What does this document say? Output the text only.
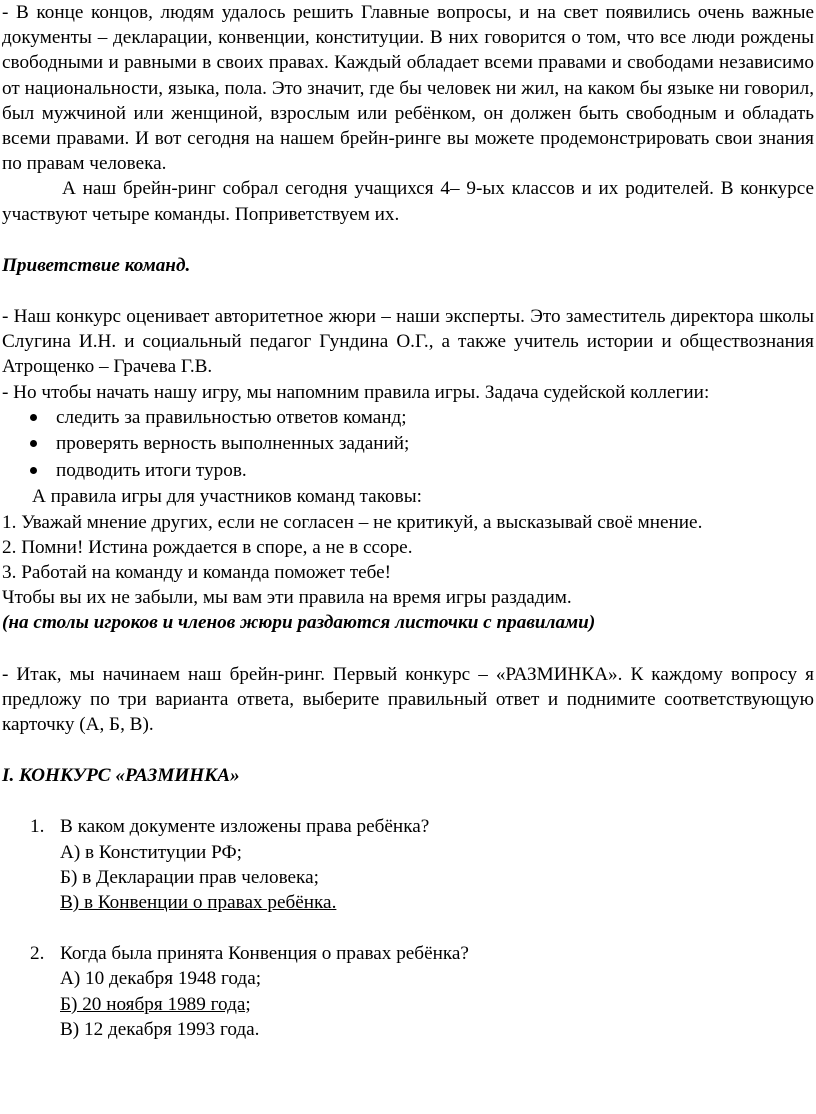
- В конце концов, людям удалось решить Главные вопросы, и на свет появились очень важные документы – декларации, конвенции, конституции. В них говорится о том, что все люди рождены свободными и равными в своих правах. Каждый обладает всеми правами и свободами независимо от национальности, языка, пола. Это значит, где бы человек ни жил, на каком бы языке ни говорил, был мужчиной или женщиной, взрослым или ребёнком, он должен быть свободным и обладать всеми правами. И вот сегодня на нашем брейн-ринге вы можете продемонстрировать свои знания по правам человека.

А наш брейн-ринг собрал сегодня учащихся 4– 9-ых классов и их родителей. В конкурсе участвуют четыре команды. Поприветствуем их.

Приветствие команд.

- Наш конкурс оценивает авторитетное жюри – наши эксперты. Это заместитель директора школы Слугина И.Н. и социальный педагог Гундина О.Г., а также учитель истории и обществознания Атрощенко – Грачева Г.В.

- Но чтобы начать нашу игру, мы напомним правила игры. Задача судейской коллегии:

следить за правильностью ответов команд;
проверять верность выполненных заданий;
подводить итоги туров.

А правила игры для участников команд таковы:

1. Уважай мнение других, если не согласен – не критикуй, а высказывай своё мнение.

2. Помни! Истина рождается в споре, а не в ссоре.

3. Работай на команду и команда поможет тебе!

Чтобы вы их не забыли, мы вам эти правила на время игры раздадим.

(на столы игроков и членов жюри раздаются листочки с правилами)

- Итак, мы начинаем наш брейн-ринг. Первый конкурс – «РАЗМИНКА». К каждому вопросу я предложу по три варианта ответа, выберите правильный ответ и поднимите соответствующую карточку (А, Б, В).

I. КОНКУРС «РАЗМИНКА»

1. В каком документе изложены права ребёнка?
А) в Конституции РФ;
Б) в Декларации прав человека;
В) в Конвенции о правах ребёнка.
2. Когда была принята Конвенция о правах ребёнка?
А) 10 декабря 1948 года;
Б) 20 ноября 1989 года;
В) 12 декабря 1993 года.
